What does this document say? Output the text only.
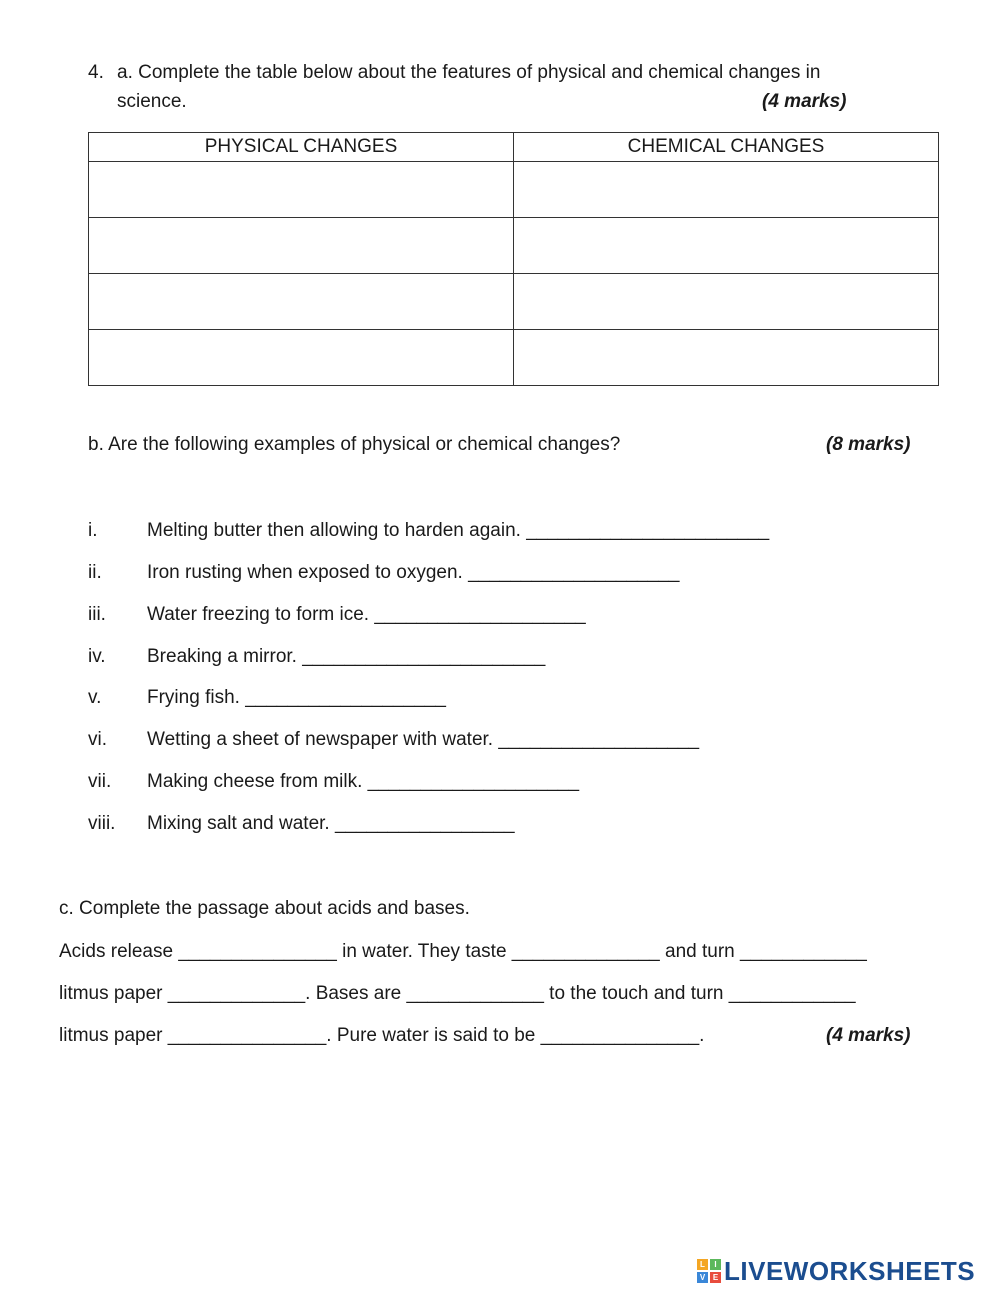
4. a. Complete the table below about the features of physical and chemical changes in
science.	(4 marks)
PHYSICAL CHANGES	CHEMICAL CHANGES

b. Are the following examples of physical or chemical changes?	(8 marks)
i.	Melting butter then allowing to harden again. _______________________
ii. Iron rusting when exposed to oxygen. ____________________
iii. Water freezing to form ice. ____________________
iv. Breaking a mirror. _______________________
v. Frying fish. ___________________
vi. Wetting a sheet of newspaper with water. ___________________
vii. Making cheese from milk. ____________________
viii. Mixing salt and water. _________________
c. Complete the passage about acids and bases.
Acids release _______________ in water. They taste ______________ and turn ____________
litmus paper _____________. Bases are _____________ to the touch and turn ____________
litmus paper _______________. Pure water is said to be _______________.	(4 marks)
L	I
V E LIVEWORKSHEETS
